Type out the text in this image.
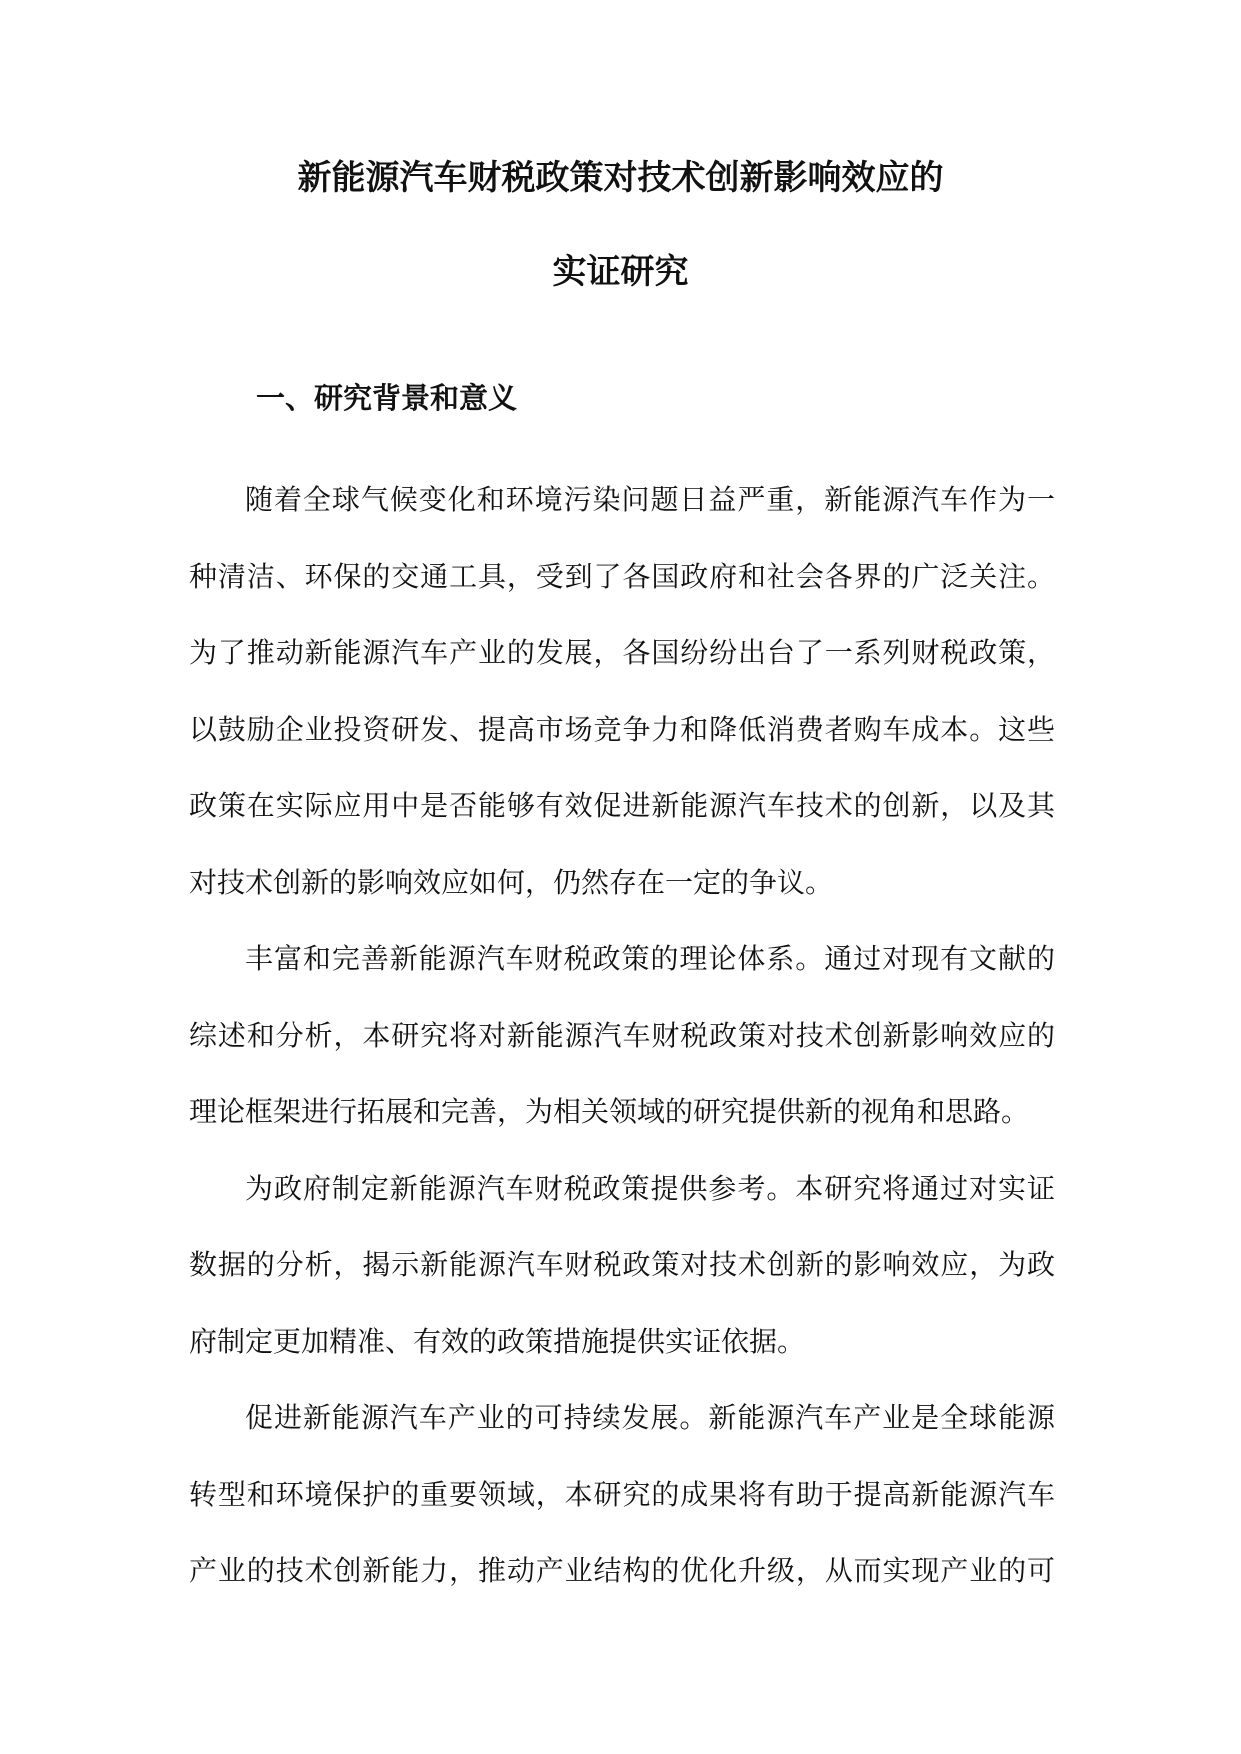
新能源汽车财税政策对技术创新影响效应的
实证研究
一、研究背景和意义
随着全球气候变化和环境污染问题日益严重，新能源汽车作为一
种清洁、环保的交通工具，受到了各国政府和社会各界的广泛关注。
为了推动新能源汽车产业的发展，各国纷纷出台了一系列财税政策，
以鼓励企业投资研发、提高市场竞争力和降低消费者购车成本。这些
政策在实际应用中是否能够有效促进新能源汽车技术的创新，以及其
对技术创新的影响效应如何，仍然存在一定的争议。
丰富和完善新能源汽车财税政策的理论体系。通过对现有文献的
综述和分析，本研究将对新能源汽车财税政策对技术创新影响效应的
理论框架进行拓展和完善，为相关领域的研究提供新的视角和思路。
为政府制定新能源汽车财税政策提供参考。本研究将通过对实证
数据的分析，揭示新能源汽车财税政策对技术创新的影响效应，为政
府制定更加精准、有效的政策措施提供实证依据。
促进新能源汽车产业的可持续发展。新能源汽车产业是全球能源
转型和环境保护的重要领域，本研究的成果将有助于提高新能源汽车
产业的技术创新能力，推动产业结构的优化升级，从而实现产业的可
